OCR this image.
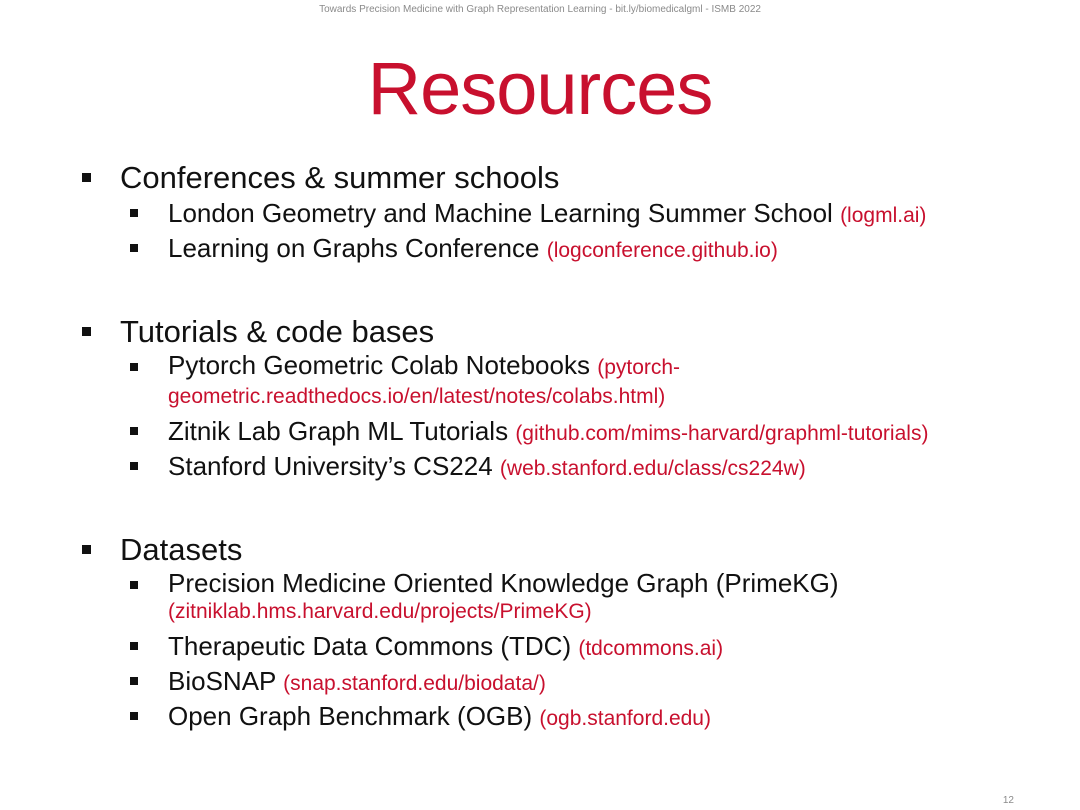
Towards Precision Medicine with Graph Representation Learning - bit.ly/biomedicalgml - ISMB 2022
Resources
Conferences & summer schools
London Geometry and Machine Learning Summer School (logml.ai)
Learning on Graphs Conference (logconference.github.io)
Tutorials & code bases
Pytorch Geometric Colab Notebooks (pytorch-
geometric.readthedocs.io/en/latest/notes/colabs.html)
Zitnik Lab Graph ML Tutorials (github.com/mims-harvard/graphml-tutorials)
Stanford University’s CS224 (web.stanford.edu/class/cs224w)
Datasets
Precision Medicine Oriented Knowledge Graph (PrimeKG)
(zitniklab.hms.harvard.edu/projects/PrimeKG)
Therapeutic Data Commons (TDC) (tdcommons.ai)
BioSNAP (snap.stanford.edu/biodata/)
Open Graph Benchmark (OGB) (ogb.stanford.edu)
12
